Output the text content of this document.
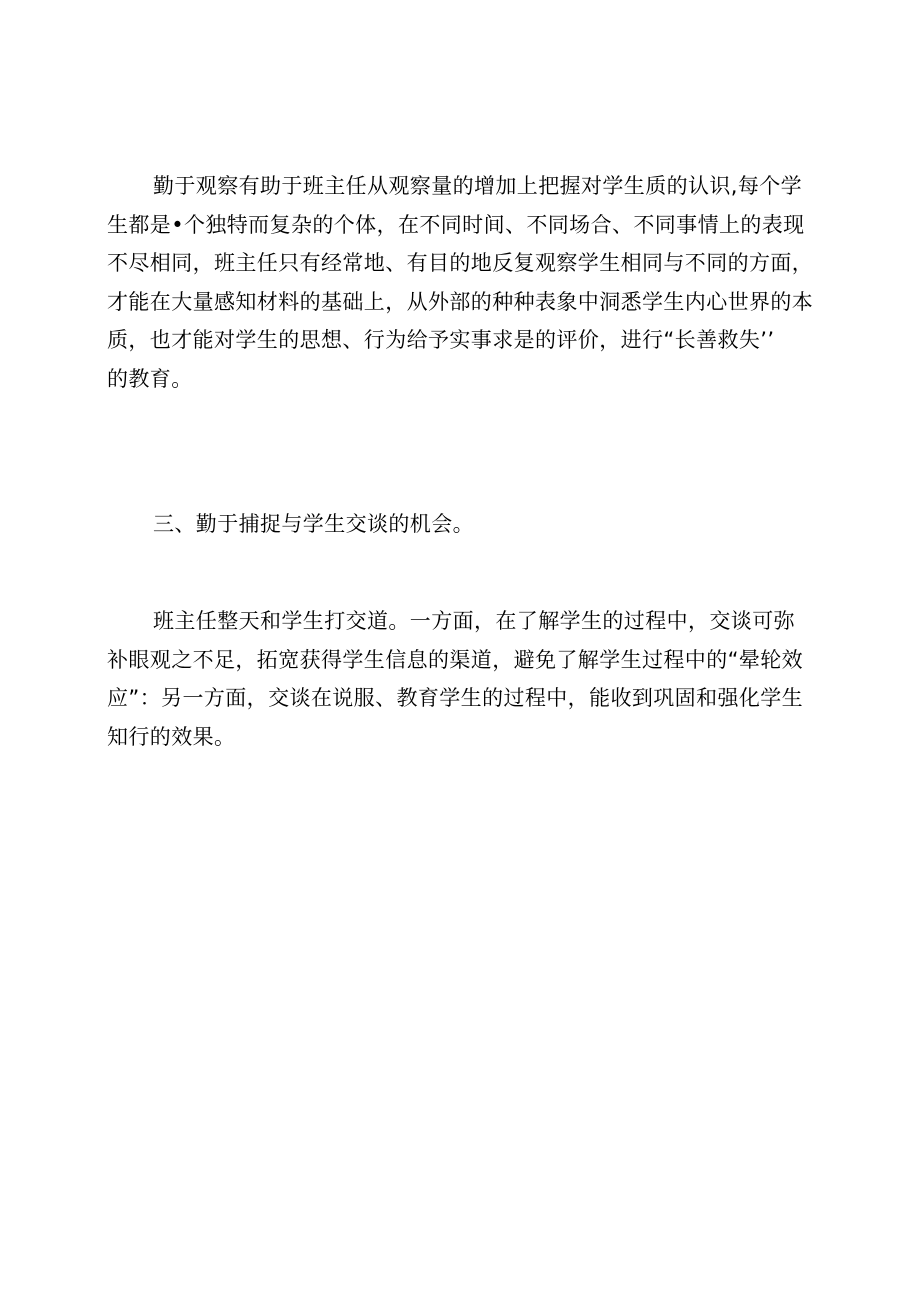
勤于观察有助于班主任从观察量的增加上把握对学生质的认识,每个学
生都是•个独特而复杂的个体，在不同时间、不同场合、不同事情上的表现
不尽相同，班主任只有经常地、有目的地反复观察学生相同与不同的方面，
才能在大量感知材料的基础上，从外部的种种表象中洞悉学生内心世界的本
质，也才能对学生的思想、行为给予实事求是的评价，进行“长善救失’’
的教育。
三、勤于捕捉与学生交谈的机会。
班主任整天和学生打交道。一方面，在了解学生的过程中，交谈可弥
补眼观之不足，拓宽获得学生信息的渠道，避免了解学生过程中的“晕轮效
应”：另一方面，交谈在说服、教育学生的过程中，能收到巩固和强化学生
知行的效果。
